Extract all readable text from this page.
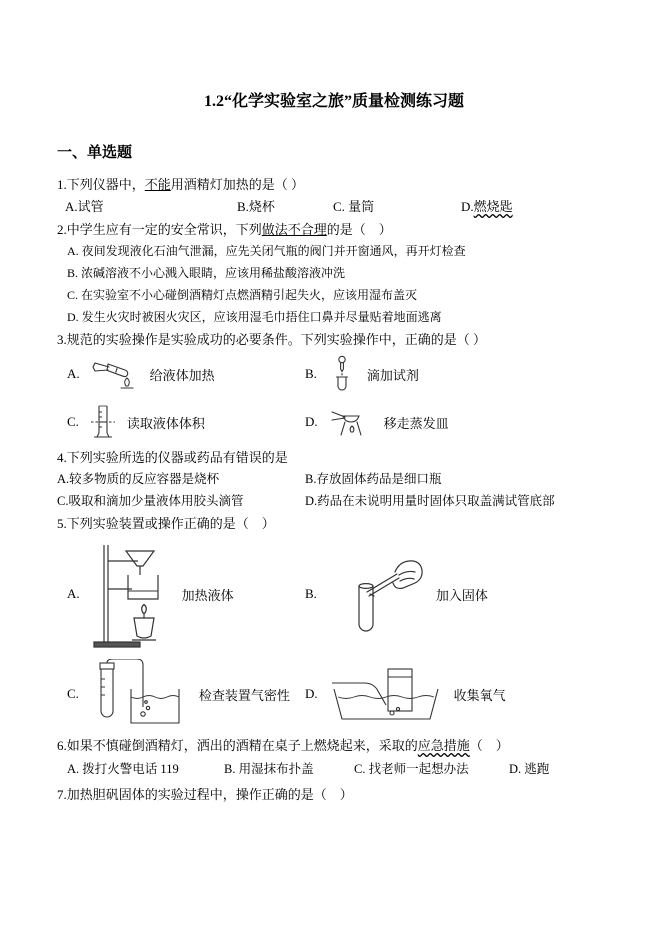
1.2“化学实验室之旅”质量检测练习题
一、单选题
1.下列仪器中，不能用酒精灯加热的是（ ）
A.试管	B.烧杯	C. 量筒	D.燃烧匙
2.中学生应有一定的安全常识，下列做法不合理的是（　）
A. 夜间发现液化石油气泄漏，应先关闭气瓶的阀门并开窗通风，再开灯检查
B. 浓碱溶液不小心溅入眼睛，应该用稀盐酸溶液冲洗
C. 在实验室不小心碰倒酒精灯点燃酒精引起失火，应该用湿布盖灭
D. 发生火灾时被困火灾区，应该用湿毛巾捂住口鼻并尽量贴着地面逃离
3.规范的实验操作是实验成功的必要条件。下列实验操作中，正确的是（ ）
A.	给液体加热	B.	滴加试剂
C.	读取液体体积	D.	移走蒸发皿
4.下列实验所选的仪器或药品有错误的是
A.较多物质的反应容器是烧杯	B.存放固体药品是细口瓶
C.吸取和滴加少量液体用胶头滴管	D.药品在未说明用量时固体只取盖满试管底部
5.下列实验装置或操作正确的是（　）
A.	加热液体	B.	加入固体
C.	检查装置气密性 D.	收集氧气
6.如果不慎碰倒酒精灯，洒出的酒精在桌子上燃烧起来，采取的应急措施（　）
A. 拨打火警电话 119	B. 用湿抹布扑盖	C. 找老师一起想办法	D. 逃跑
7.加热胆矾固体的实验过程中，操作正确的是（　）
